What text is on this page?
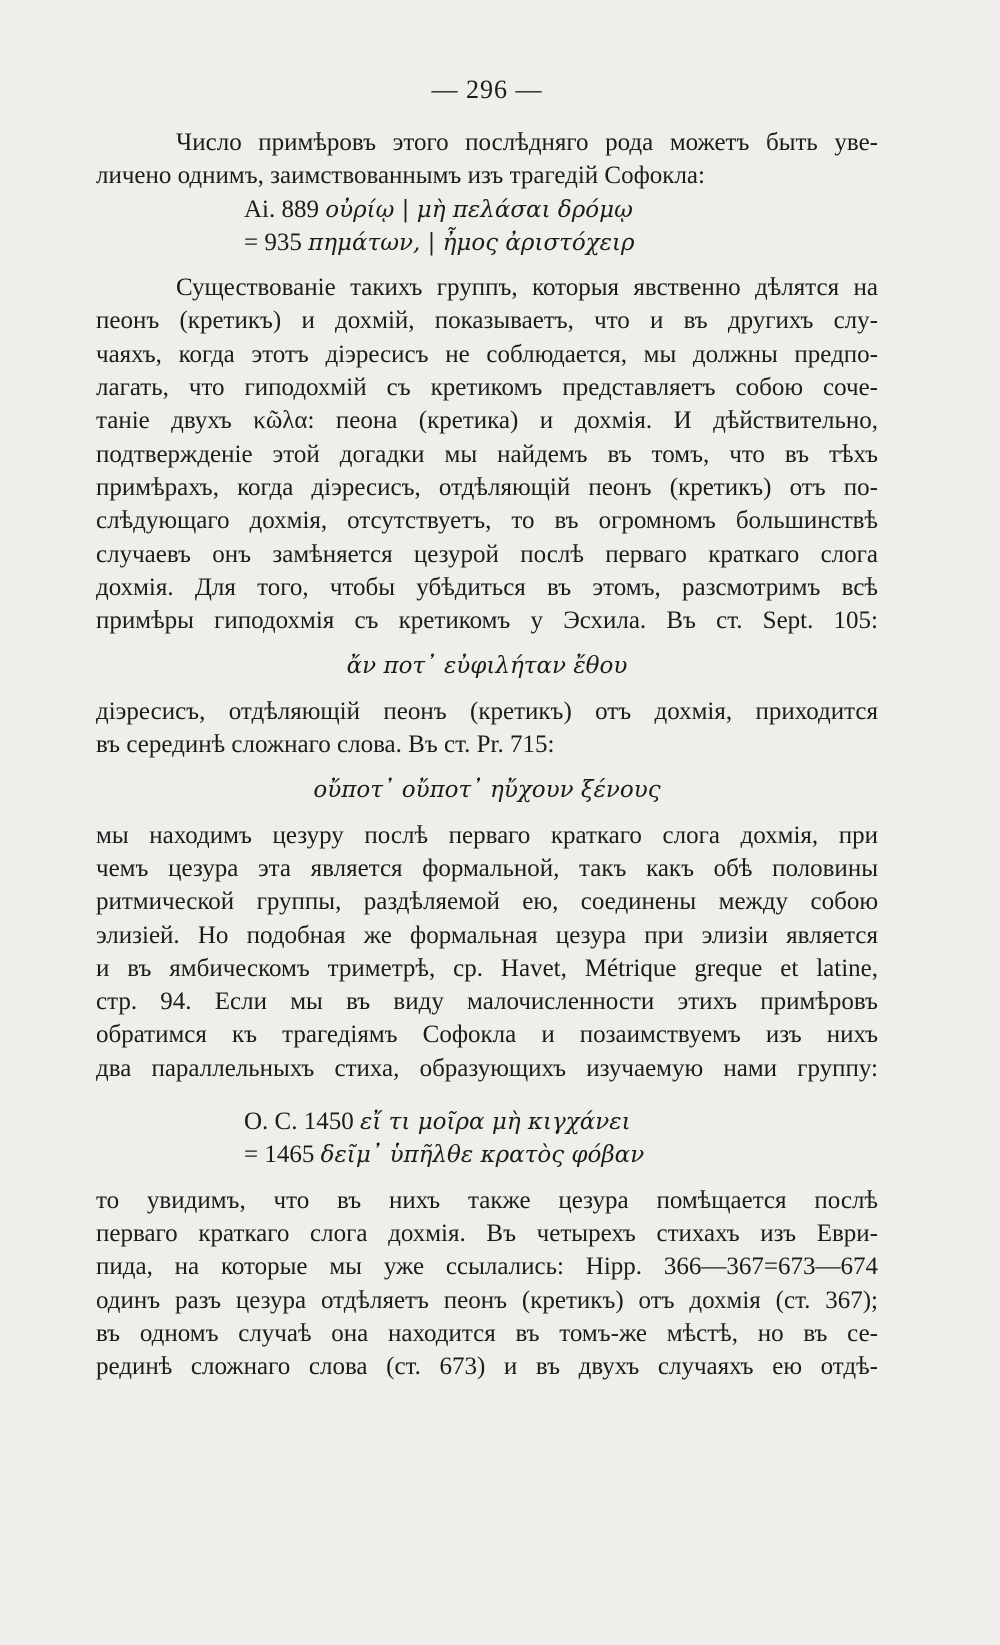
— 296 —
Число примѣровъ этого послѣдняго рода можетъ быть уве-
личено однимъ, заимствованнымъ изъ трагедій Софокла:
Ai. 889 οὐρίῳ | μὴ πελάσαι δρόμῳ
= 935 πημάτων, | ἦμος ἀριστόχειρ
Существованіе такихъ группъ, которыя явственно дѣлятся на
пеонъ (кретикъ) и дохмій, показываетъ, что и въ другихъ слу-
чаяхъ, когда этотъ діэресисъ не соблюдается, мы должны предпо-
лагать, что гиподохмій съ кретикомъ представляетъ собою соче-
таніе двухъ κῶλα: пеона (кретика) и дохмія. И дѣйствительно,
подтвержденіе этой догадки мы найдемъ въ томъ, что въ тѣхъ
примѣрахъ, когда діэресисъ, отдѣляющій пеонъ (кретикъ) отъ по-
слѣдующаго дохмія, отсутствуетъ, то въ огромномъ большинствѣ
случаевъ онъ замѣняется цезурой послѣ перваго краткаго слога
дохмія. Для того, чтобы убѣдиться въ этомъ, разсмотримъ всѣ
примѣры гиподохмія съ кретикомъ у Эсхила. Въ ст. Sept. 105:
ἄν ποτ᾽ εὐφιλήταν ἔθου
діэресисъ, отдѣляющій пеонъ (кретикъ) отъ дохмія, приходится
въ серединѣ сложнаго слова. Въ ст. Pr. 715:
οὔποτ᾽ οὔποτ᾽ ηὔχουν ξένους
мы находимъ цезуру послѣ перваго краткаго слога дохмія, при
чемъ цезура эта является формальной, такъ какъ обѣ половины
ритмической группы, раздѣляемой ею, соединены между собою
элизіей. Но подобная же формальная цезура при элизіи является
и въ ямбическомъ триметрѣ, ср. Havet, Métrique greque et latine,
стр. 94. Если мы въ виду малочисленности этихъ примѣровъ
обратимся къ трагедіямъ Софокла и позаимствуемъ изъ нихъ
два параллельныхъ стиха, образующихъ изучаемую нами группу:
O. C. 1450 εἴ τι μοῖρα μὴ κιγχάνει
= 1465 δεῖμ᾽ ὑπῆλθε κρατὸς φόβαν
то увидимъ, что въ нихъ также цезура помѣщается послѣ
перваго краткаго слога дохмія. Въ четырехъ стихахъ изъ Еври-
пида, на которые мы уже ссылались: Hipp. 366—367=673—674
одинъ разъ цезура отдѣляетъ пеонъ (кретикъ) отъ дохмія (ст. 367);
въ одномъ случаѣ она находится въ томъ-же мѣстѣ, но въ се-
рединѣ сложнаго слова (ст. 673) и въ двухъ случаяхъ ею отдѣ-
